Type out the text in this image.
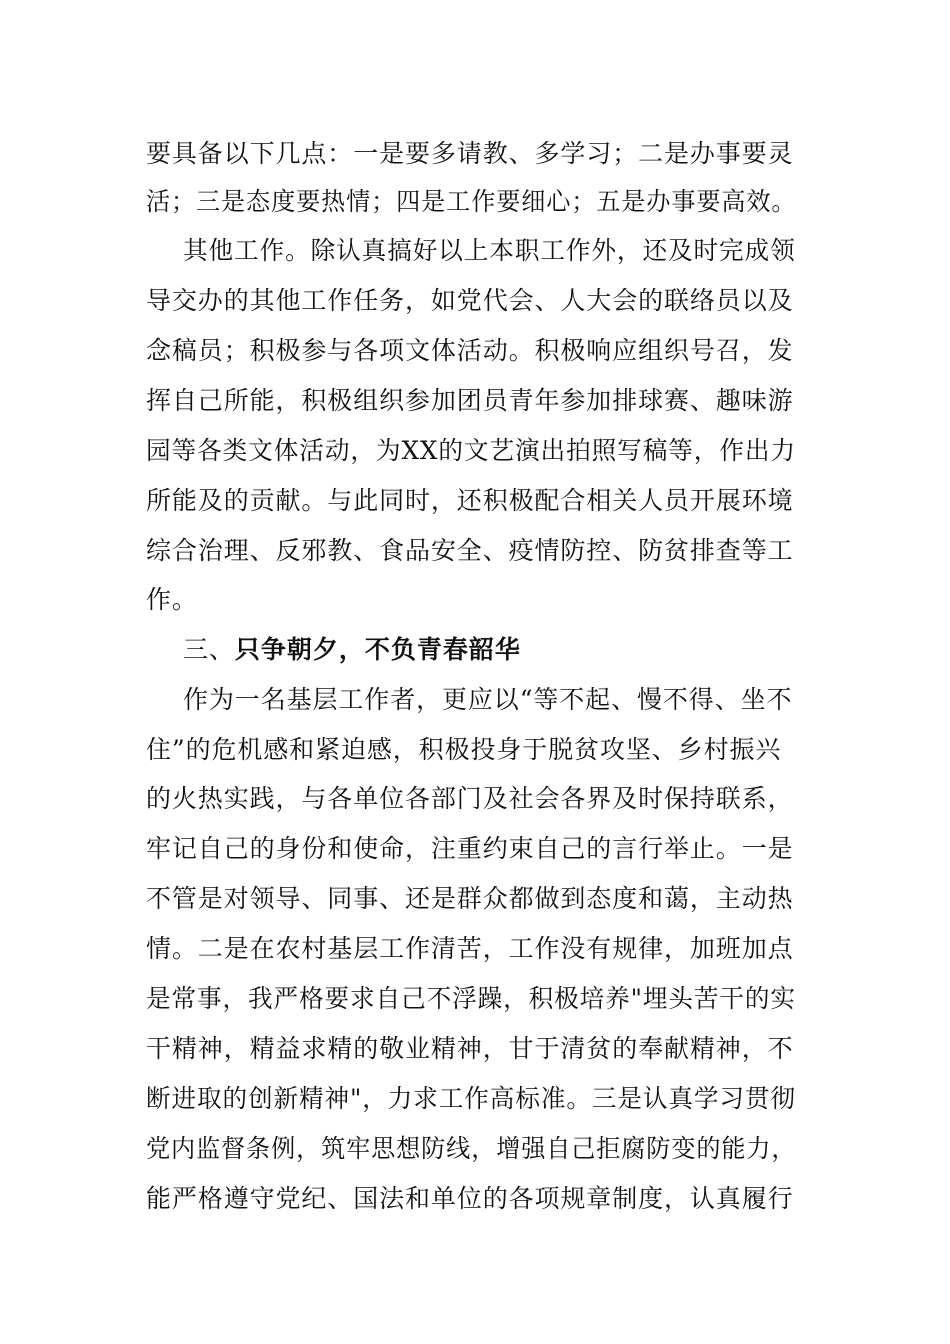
要具备以下几点：一是要多请教、多学习；二是办事要灵
活；三是态度要热情；四是工作要细心；五是办事要高效。
其他工作。除认真搞好以上本职工作外，还及时完成领
导交办的其他工作任务，如党代会、人大会的联络员以及
念稿员；积极参与各项文体活动。积极响应组织号召，发
挥自己所能，积极组织参加团员青年参加排球赛、趣味游
园等各类文体活动，为XX的文艺演出拍照写稿等，作出力
所能及的贡献。与此同时，还积极配合相关人员开展环境
综合治理、反邪教、食品安全、疫情防控、防贫排查等工
作。
三、只争朝夕，不负青春韶华
作为一名基层工作者，更应以“等不起、慢不得、坐不
住”的危机感和紧迫感，积极投身于脱贫攻坚、乡村振兴
的火热实践，与各单位各部门及社会各界及时保持联系，
牢记自己的身份和使命，注重约束自己的言行举止。一是
不管是对领导、同事、还是群众都做到态度和蔼，主动热
情。二是在农村基层工作清苦，工作没有规律，加班加点
是常事，我严格要求自己不浮躁，积极培养"埋头苦干的实
干精神，精益求精的敬业精神，甘于清贫的奉献精神，不
断进取的创新精神"，力求工作高标准。三是认真学习贯彻
党内监督条例，筑牢思想防线，增强自己拒腐防变的能力，
能严格遵守党纪、国法和单位的各项规章制度，认真履行
